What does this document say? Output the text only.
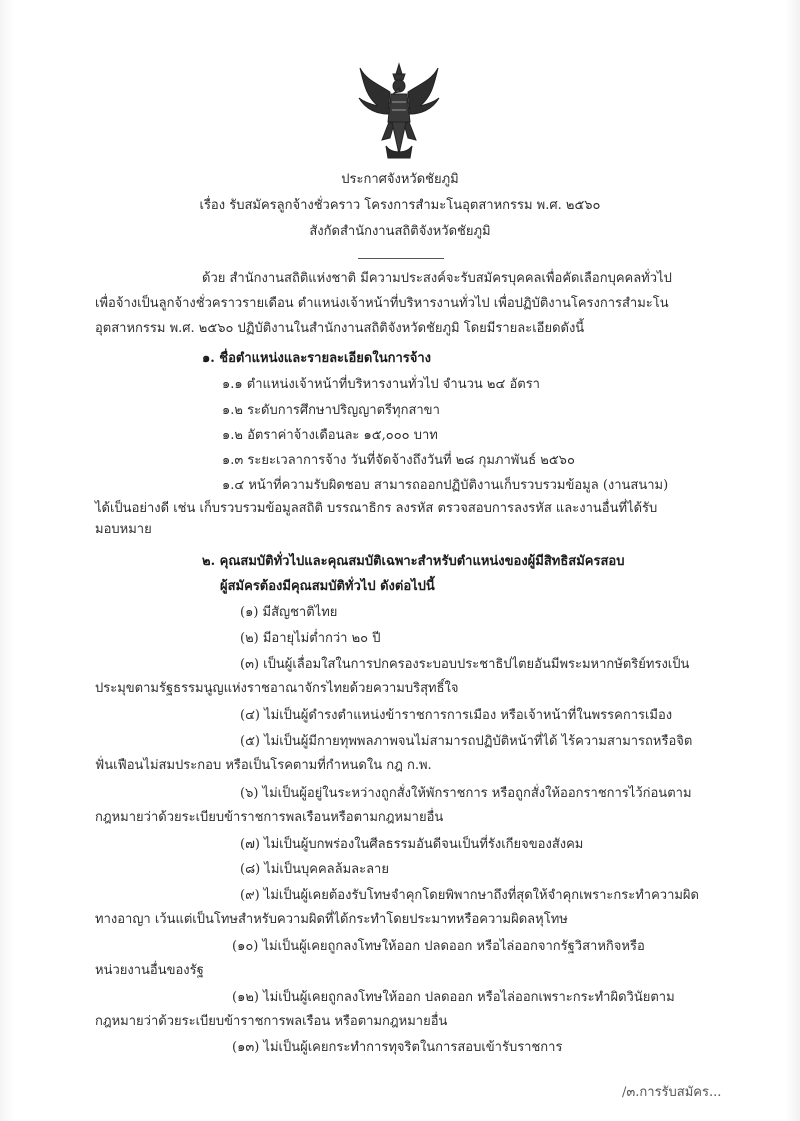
ประกาศจังหวัดชัยภูมิ
เรื่อง รับสมัครลูกจ้างชั่วคราว โครงการสำมะโนอุตสาหกรรม พ.ศ. ๒๕๖๐
สังกัดสำนักงานสถิติจังหวัดชัยภูมิ
ด้วย สำนักงานสถิติแห่งชาติ มีความประสงค์จะรับสมัครบุคคลเพื่อคัดเลือกบุคคลทั่วไป
เพื่อจ้างเป็นลูกจ้างชั่วคราวรายเดือน ตำแหน่งเจ้าหน้าที่บริหารงานทั่วไป เพื่อปฏิบัติงานโครงการสำมะโน
อุตสาหกรรม พ.ศ. ๒๕๖๐ ปฏิบัติงานในสำนักงานสถิติจังหวัดชัยภูมิ โดยมีรายละเอียดดังนี้
๑. ชื่อตำแหน่งและรายละเอียดในการจ้าง
๑.๑ ตำแหน่งเจ้าหน้าที่บริหารงานทั่วไป จำนวน ๒๔ อัตรา
๑.๒ ระดับการศึกษาปริญญาตรีทุกสาขา
๑.๒ อัตราค่าจ้างเดือนละ ๑๕,๐๐๐ บาท
๑.๓ ระยะเวลาการจ้าง วันที่จัดจ้างถึงวันที่ ๒๘ กุมภาพันธ์ ๒๕๖๐
๑.๔ หน้าที่ความรับผิดชอบ สามารถออกปฏิบัติงานเก็บรวบรวมข้อมูล (งานสนาม)
ได้เป็นอย่างดี เช่น เก็บรวบรวมข้อมูลสถิติ บรรณาธิกร ลงรหัส ตรวจสอบการลงรหัส และงานอื่นที่ได้รับ
มอบหมาย
๒. คุณสมบัติทั่วไปและคุณสมบัติเฉพาะสำหรับตำแหน่งของผู้มีสิทธิสมัครสอบ
ผู้สมัครต้องมีคุณสมบัติทั่วไป ดังต่อไปนี้
(๑) มีสัญชาติไทย
(๒) มีอายุไม่ต่ำกว่า ๒๐ ปี
(๓) เป็นผู้เลื่อมใสในการปกครองระบอบประชาธิปไตยอันมีพระมหากษัตริย์ทรงเป็น
ประมุขตามรัฐธรรมนูญแห่งราชอาณาจักรไทยด้วยความบริสุทธิ์ใจ
(๔) ไม่เป็นผู้ดำรงตำแหน่งข้าราชการการเมือง หรือเจ้าหน้าที่ในพรรคการเมือง
(๕) ไม่เป็นผู้มีกายทุพพลภาพจนไม่สามารถปฏิบัติหน้าที่ได้ ไร้ความสามารถหรือจิต
ฟั่นเฟือนไม่สมประกอบ หรือเป็นโรคตามที่กำหนดใน กฎ ก.พ.
(๖) ไม่เป็นผู้อยู่ในระหว่างถูกสั่งให้พักราชการ หรือถูกสั่งให้ออกราชการไว้ก่อนตาม
กฎหมายว่าด้วยระเบียบข้าราชการพลเรือนหรือตามกฎหมายอื่น
(๗) ไม่เป็นผู้บกพร่องในศีลธรรมอันดีจนเป็นที่รังเกียจของสังคม
(๘) ไม่เป็นบุคคลล้มละลาย
(๙) ไม่เป็นผู้เคยต้องรับโทษจำคุกโดยพิพากษาถึงที่สุดให้จำคุกเพราะกระทำความผิด
ทางอาญา เว้นแต่เป็นโทษสำหรับความผิดที่ได้กระทำโดยประมาทหรือความผิดลหุโทษ
(๑๐) ไม่เป็นผู้เคยถูกลงโทษให้ออก ปลดออก หรือไล่ออกจากรัฐวิสาหกิจหรือ
หน่วยงานอื่นของรัฐ
(๑๒) ไม่เป็นผู้เคยถูกลงโทษให้ออก ปลดออก หรือไล่ออกเพราะกระทำผิดวินัยตาม
กฎหมายว่าด้วยระเบียบข้าราชการพลเรือน หรือตามกฎหมายอื่น
(๑๓) ไม่เป็นผู้เคยกระทำการทุจริตในการสอบเข้ารับราชการ
/๓.การรับสมัคร...
